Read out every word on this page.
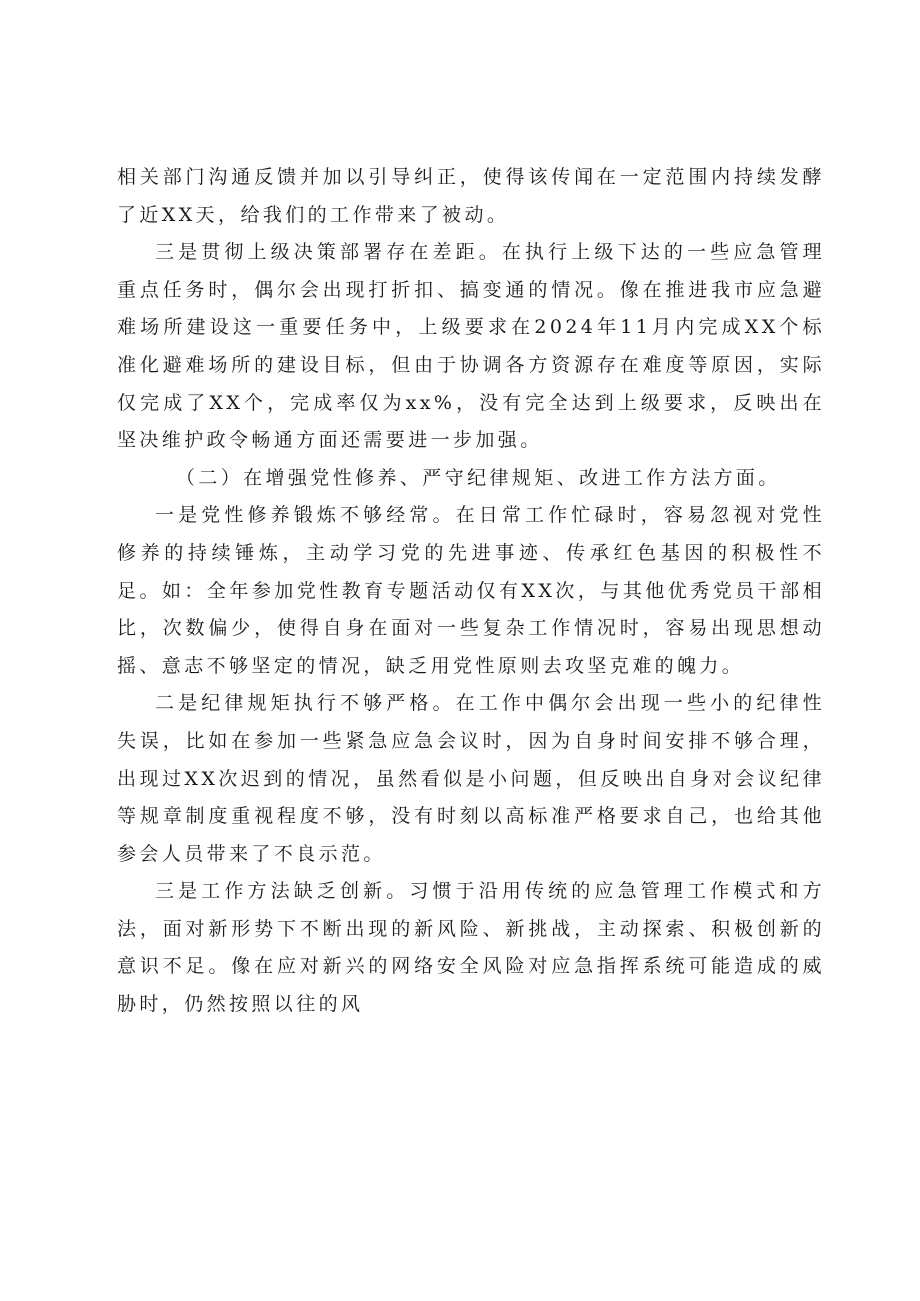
相关部门沟通反馈并加以引导纠正，使得该传闻在一定范围内持续发酵了近XX天，给我们的工作带来了被动。

三是贯彻上级决策部署存在差距。在执行上级下达的一些应急管理重点任务时，偶尔会出现打折扣、搞变通的情况。像在推进我市应急避难场所建设这一重要任务中，上级要求在2024年11月内完成XX个标准化避难场所的建设目标，但由于协调各方资源存在难度等原因，实际仅完成了XX个，完成率仅为xx%，没有完全达到上级要求，反映出在坚决维护政令畅通方面还需要进一步加强。

（二）在增强党性修养、严守纪律规矩、改进工作方法方面。

一是党性修养锻炼不够经常。在日常工作忙碌时，容易忽视对党性修养的持续锤炼，主动学习党的先进事迹、传承红色基因的积极性不足。如：全年参加党性教育专题活动仅有XX次，与其他优秀党员干部相比，次数偏少，使得自身在面对一些复杂工作情况时，容易出现思想动摇、意志不够坚定的情况，缺乏用党性原则去攻坚克难的魄力。

二是纪律规矩执行不够严格。在工作中偶尔会出现一些小的纪律性失误，比如在参加一些紧急应急会议时，因为自身时间安排不够合理，出现过XX次迟到的情况，虽然看似是小问题，但反映出自身对会议纪律等规章制度重视程度不够，没有时刻以高标准严格要求自己，也给其他参会人员带来了不良示范。

三是工作方法缺乏创新。习惯于沿用传统的应急管理工作模式和方法，面对新形势下不断出现的新风险、新挑战，主动探索、积极创新的意识不足。像在应对新兴的网络安全风险对应急指挥系统可能造成的威胁时，仍然按照以往的风
